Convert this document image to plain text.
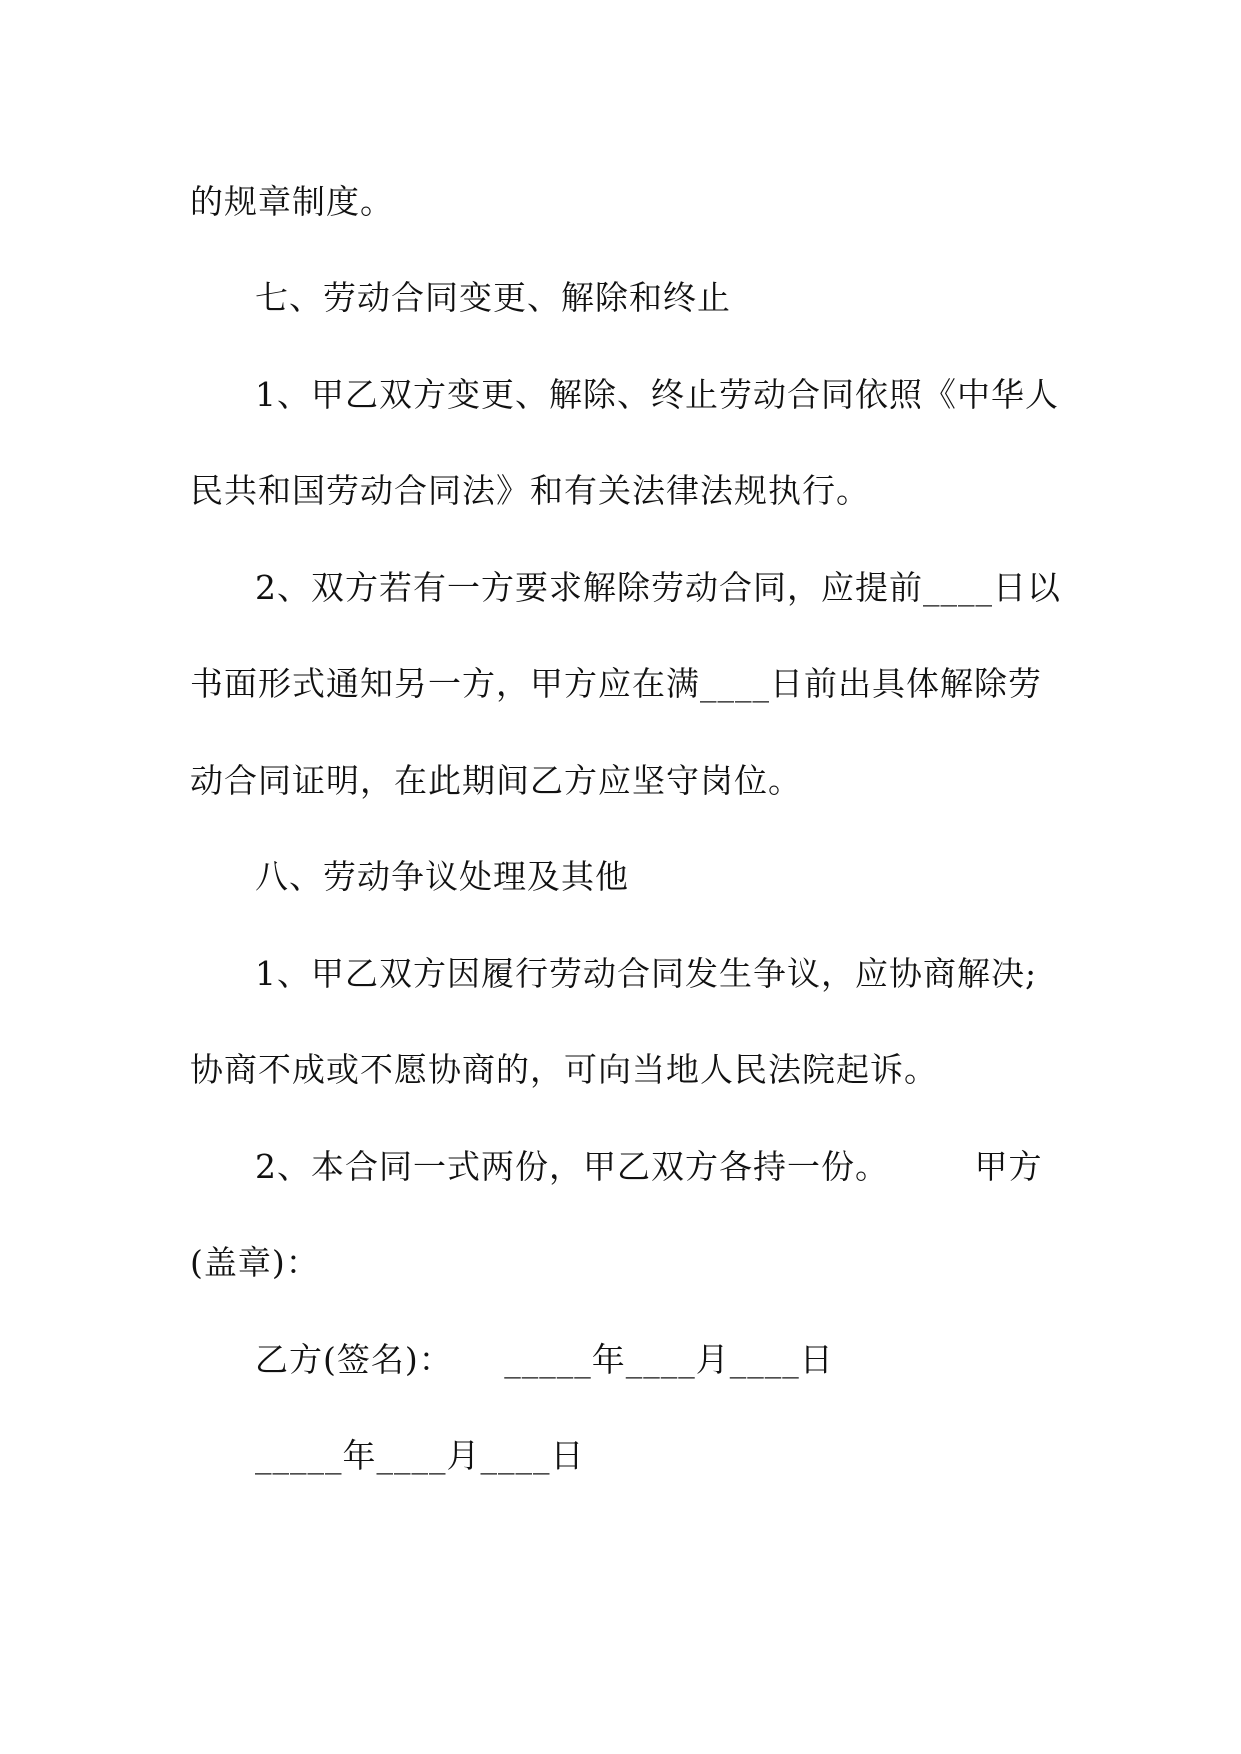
的规章制度。
七、劳动合同变更、解除和终止
1、甲乙双方变更、解除、终止劳动合同依照《中华人
民共和国劳动合同法》和有关法律法规执行。
2、双方若有一方要求解除劳动合同，应提前____日以
书面形式通知另一方，甲方应在满____日前出具体解除劳
动合同证明，在此期间乙方应坚守岗位。
八、劳动争议处理及其他
1、甲乙双方因履行劳动合同发生争议，应协商解决;
协商不成或不愿协商的，可向当地人民法院起诉。
2、本合同一式两份，甲乙双方各持一份。　　　甲方
(盖章)：
乙方(签名)：　　_____年____月____日
_____年____月____日
